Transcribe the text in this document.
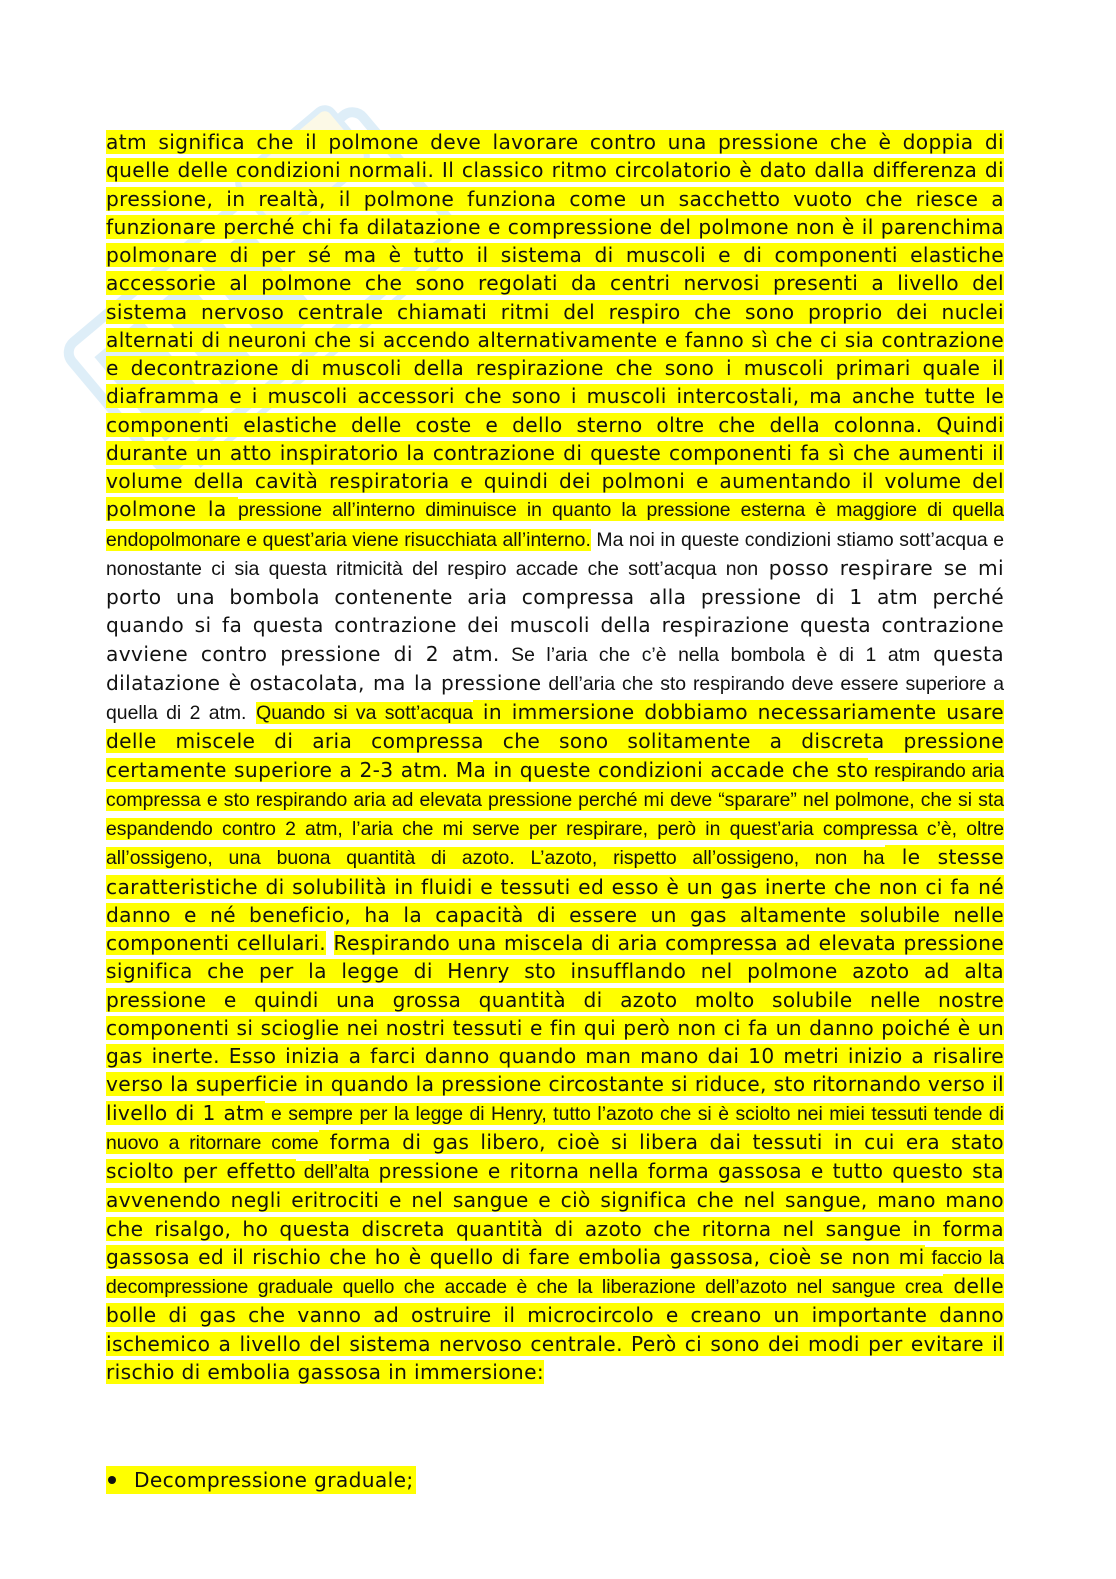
atm significa che il polmone deve lavorare contro una pressione che è doppia di quelle delle condizioni normali. Il classico ritmo circolatorio è dato dalla differenza di pressione, in realtà, il polmone funziona come un sacchetto vuoto che riesce a funzionare perché chi fa dilatazione e compressione del polmone non è il parenchima polmonare di per sé ma è tutto il sistema di muscoli e di componenti elastiche accessorie al polmone che sono regolati da centri nervosi presenti a livello del sistema nervoso centrale chiamati ritmi del respiro che sono proprio dei nuclei alternati di neuroni che si accendo alternativamente e fanno sì che ci sia contrazione e decontrazione di muscoli della respirazione che sono i muscoli primari quale il diaframma e i muscoli accessori che sono i muscoli intercostali, ma anche tutte le componenti elastiche delle coste e dello sterno oltre che della colonna. Quindi durante un atto inspiratorio la contrazione di queste componenti fa sì che aumenti il volume della cavità respiratoria e quindi dei polmoni e aumentando il volume del polmone la pressione all’interno diminuisce in quanto la pressione esterna è maggiore di quella endopolmonare e quest’aria viene risucchiata all’interno. Ma noi in queste condizioni stiamo sott’acqua e nonostante ci sia questa ritmicità del respiro accade che sott’acqua non posso respirare se mi porto una bombola contenente aria compressa alla pressione di 1 atm perché quando si fa questa contrazione dei muscoli della respirazione questa contrazione avviene contro pressione di 2 atm. Se l’aria che c’è nella bombola è di 1 atm questa dilatazione è ostacolata, ma la pressione dell’aria che sto respirando deve essere superiore a quella di 2 atm. Quando si va sott’acqua in immersione dobbiamo necessariamente usare delle miscele di aria compressa che sono solitamente a discreta pressione certamente superiore a 2-3 atm. Ma in queste condizioni accade che sto respirando aria compressa e sto respirando aria ad elevata pressione perché mi deve “sparare” nel polmone, che si sta espandendo contro 2 atm, l’aria che mi serve per respirare, però in quest’aria compressa c’è, oltre all’ossigeno, una buona quantità di azoto. L’azoto, rispetto all’ossigeno, non ha le stesse caratteristiche di solubilità in fluidi e tessuti ed esso è un gas inerte che non ci fa né danno e né beneficio, ha la capacità di essere un gas altamente solubile nelle componenti cellulari. Respirando una miscela di aria compressa ad elevata pressione significa che per la legge di Henry sto insufflando nel polmone azoto ad alta pressione e quindi una grossa quantità di azoto molto solubile nelle nostre componenti si scioglie nei nostri tessuti e fin qui però non ci fa un danno poiché è un gas inerte. Esso inizia a farci danno quando man mano dai 10 metri inizio a risalire verso la superficie in quando la pressione circostante si riduce, sto ritornando verso il livello di 1 atm e sempre per la legge di Henry, tutto l’azoto che si è sciolto nei miei tessuti tende di nuovo a ritornare come forma di gas libero, cioè si libera dai tessuti in cui era stato sciolto per effetto dell’alta pressione e ritorna nella forma gassosa e tutto questo sta avvenendo negli eritrociti e nel sangue e ciò significa che nel sangue, mano mano che risalgo, ho questa discreta quantità di azoto che ritorna nel sangue in forma gassosa ed il rischio che ho è quello di fare embolia gassosa, cioè se non mi faccio la decompressione graduale quello che accade è che la liberazione dell’azoto nel sangue crea delle bolle di gas che vanno ad ostruire il microcircolo e creano un importante danno ischemico a livello del sistema nervoso centrale. Però ci sono dei modi per evitare il rischio di embolia gassosa in immersione:

Decompressione graduale;
